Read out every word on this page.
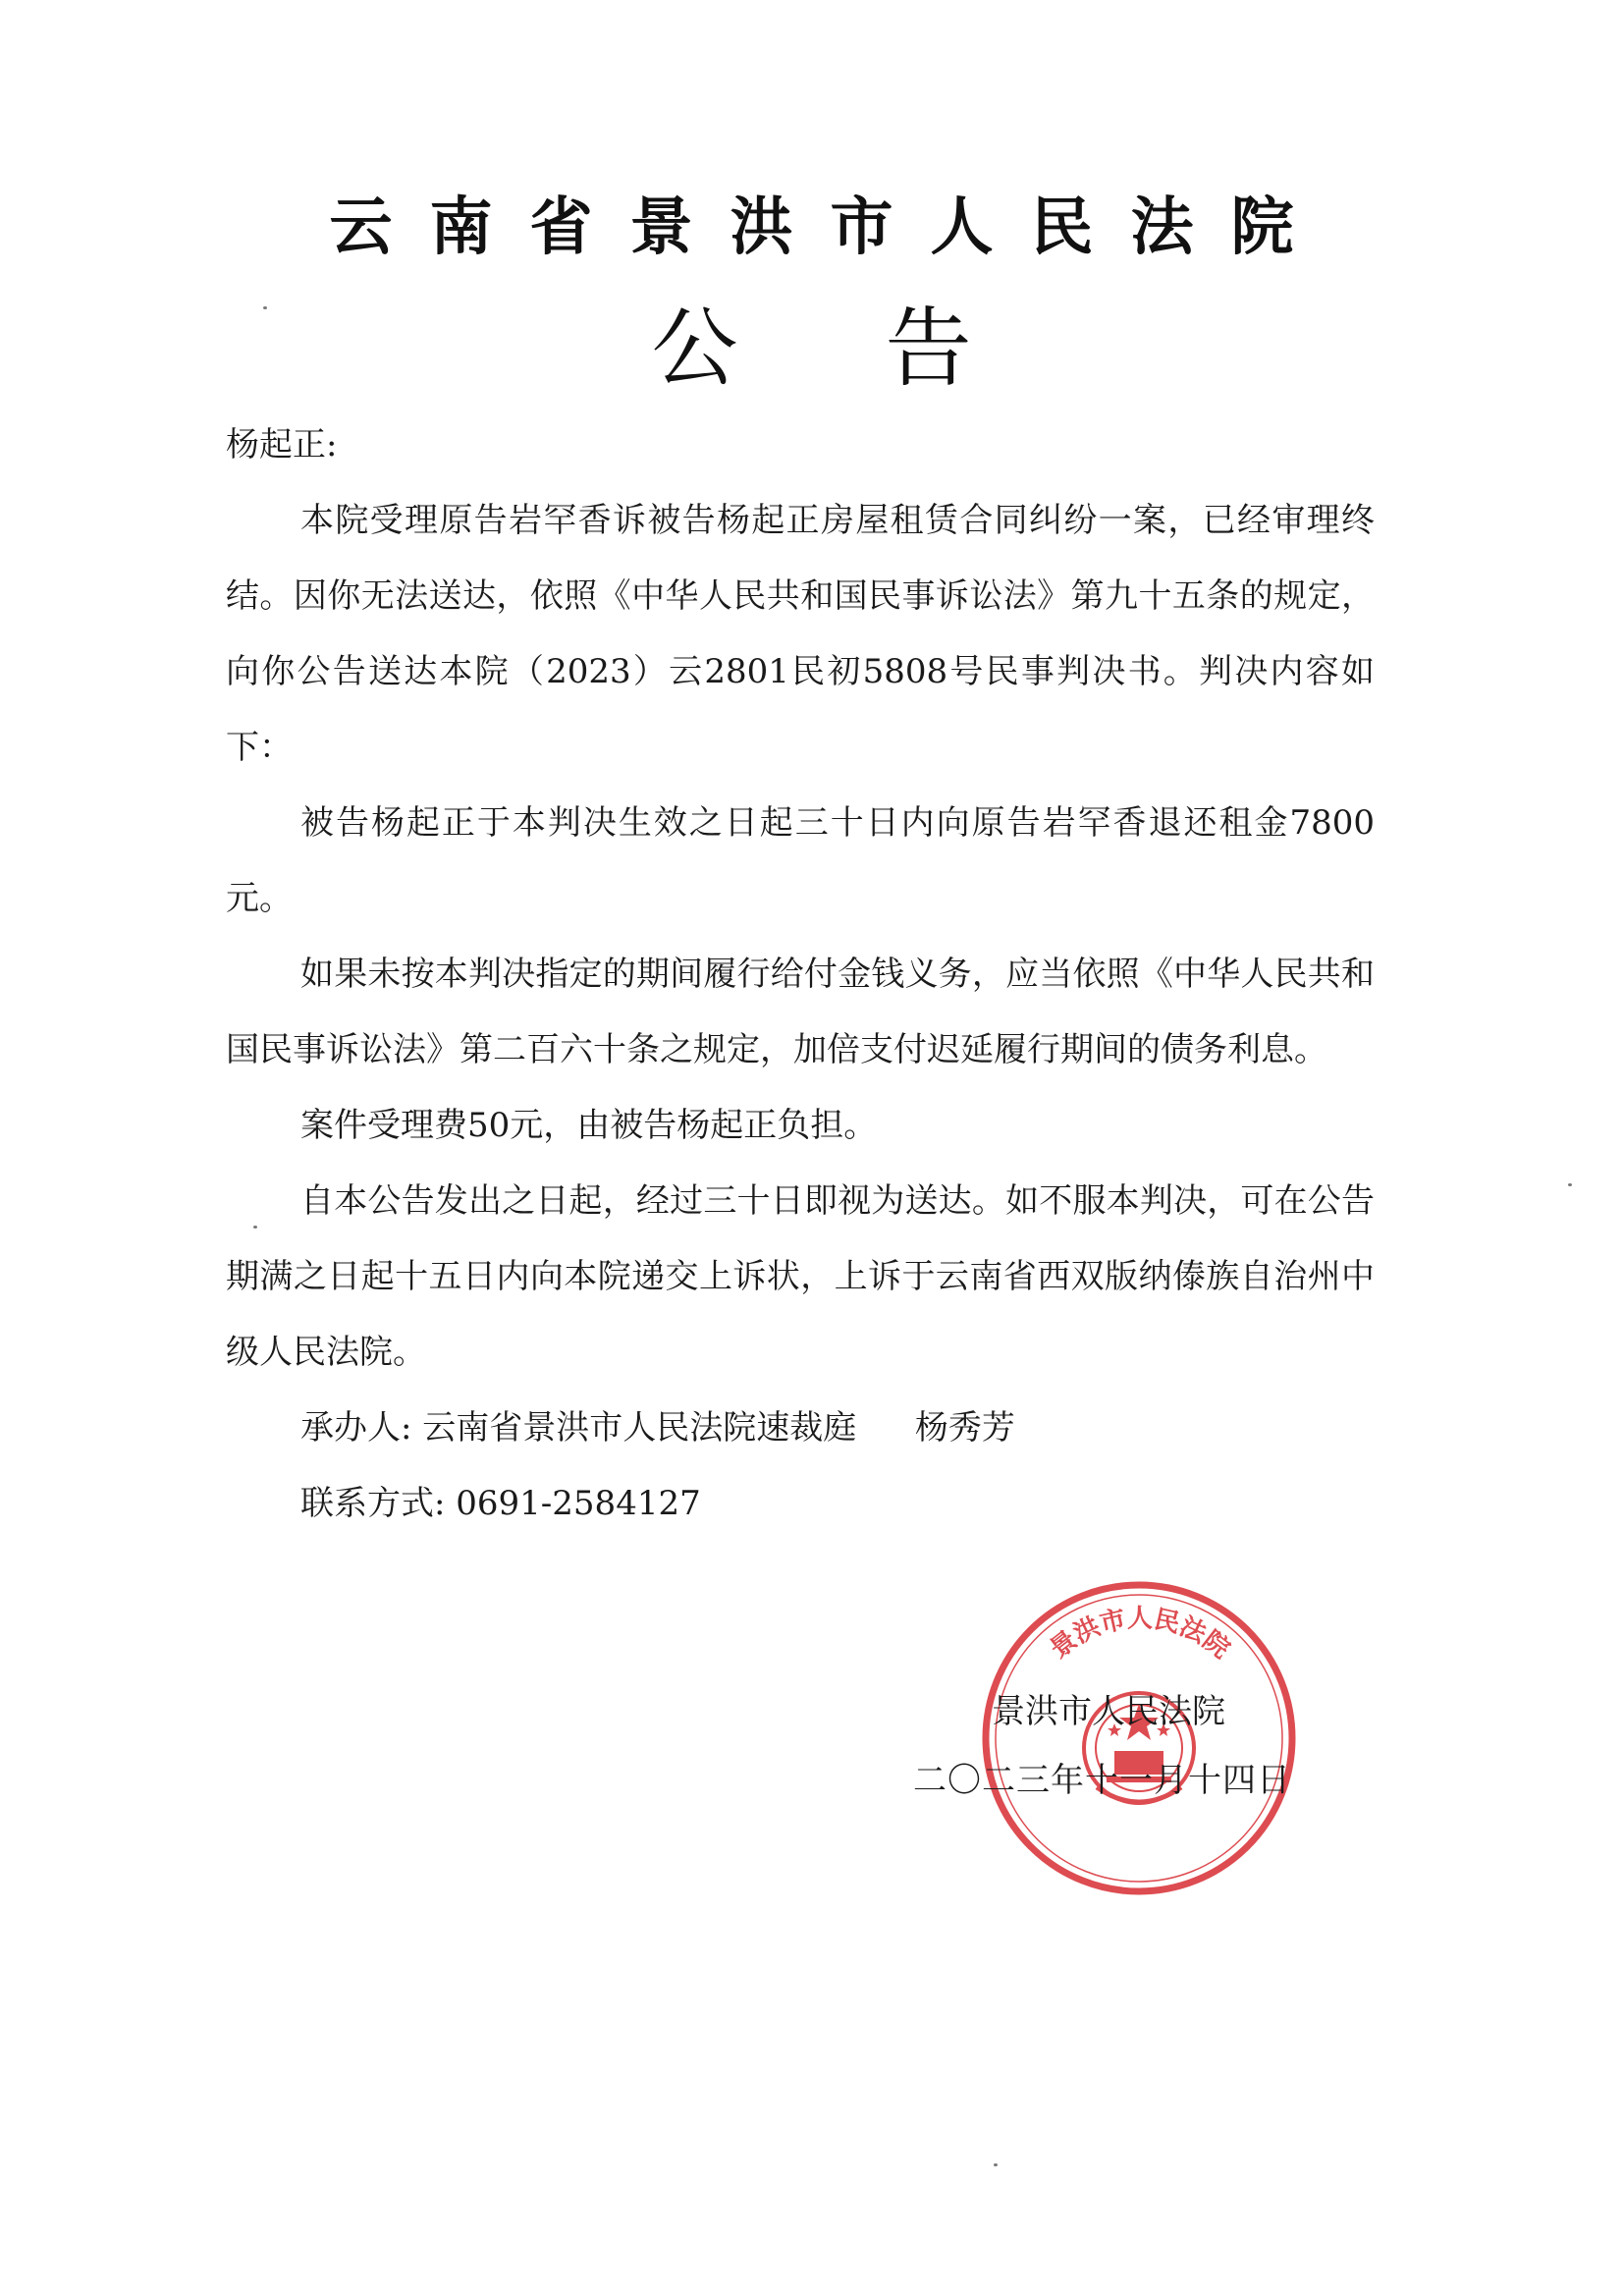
云南省景洪市人民法院
公告

杨起正:

本院受理原告岩罕香诉被告杨起正房屋租赁合同纠纷一案，已经审理终结。因你无法送达，依照《中华人民共和国民事诉讼法》第九十五条的规定，向你公告送达本院（2023）云2801民初5808号民事判决书。判决内容如下：

被告杨起正于本判决生效之日起三十日内向原告岩罕香退还租金7800元。

如果未按本判决指定的期间履行给付金钱义务，应当依照《中华人民共和国民事诉讼法》第二百六十条之规定，加倍支付迟延履行期间的债务利息。

案件受理费50元，由被告杨起正负担。

自本公告发出之日起，经过三十日即视为送达。如不服本判决，可在公告期满之日起十五日内向本院递交上诉状，上诉于云南省西双版纳傣族自治州中级人民法院。

承办人: 云南省景洪市人民法院速裁庭 杨秀芳

联系方式: 0691-2584127

景洪市人民法院
景洪市人民法院
二〇二三年十一月十四日
